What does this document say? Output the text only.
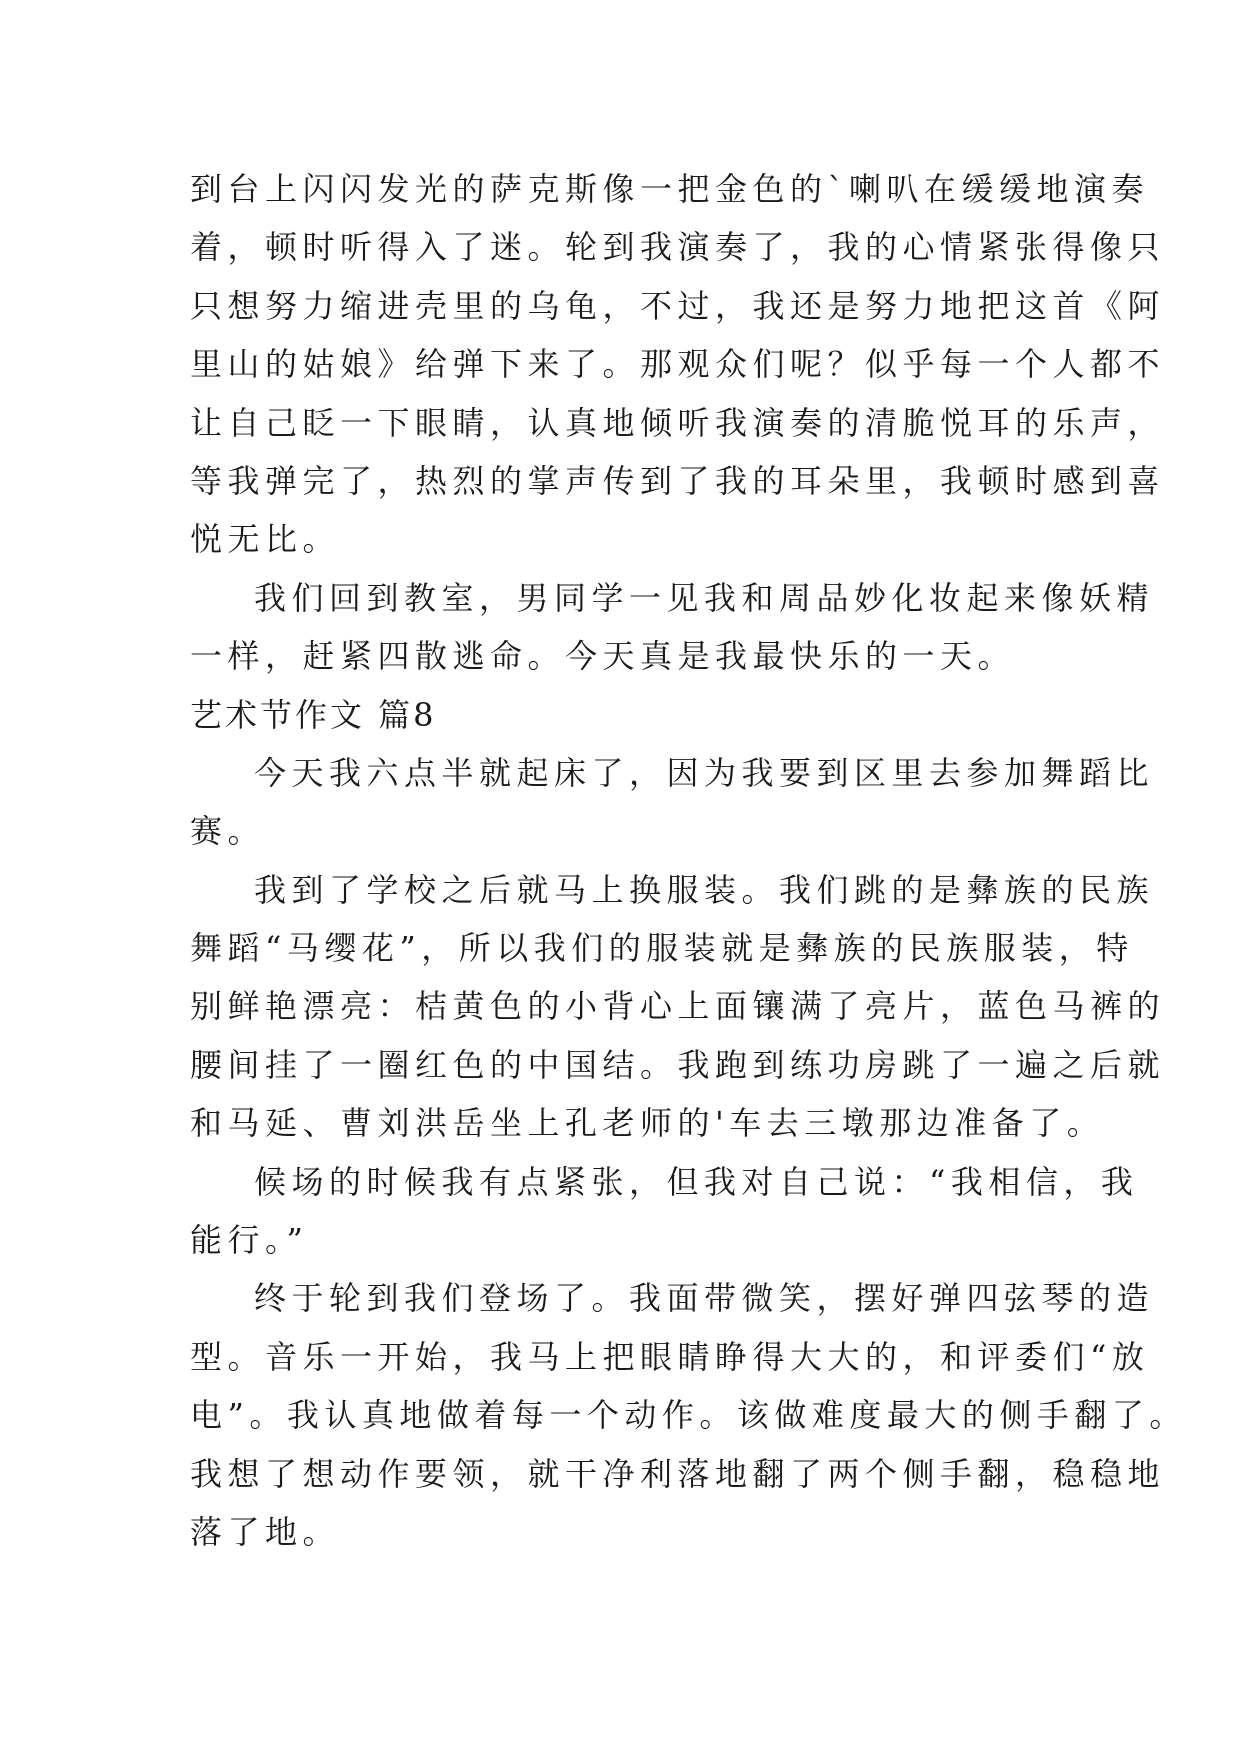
到台上闪闪发光的萨克斯像一把金色的`喇叭在缓缓地演奏
着，顿时听得入了迷。轮到我演奏了，我的心情紧张得像只
只想努力缩进壳里的乌龟，不过，我还是努力地把这首《阿
里山的姑娘》给弹下来了。那观众们呢？似乎每一个人都不
让自己眨一下眼睛，认真地倾听我演奏的清脆悦耳的乐声，
等我弹完了，热烈的掌声传到了我的耳朵里，我顿时感到喜
悦无比。
我们回到教室，男同学一见我和周品妙化妆起来像妖精
一样，赶紧四散逃命。今天真是我最快乐的一天。
艺术节作文 篇8
今天我六点半就起床了，因为我要到区里去参加舞蹈比
赛。
我到了学校之后就马上换服装。我们跳的是彝族的民族
舞蹈“马缨花”，所以我们的服装就是彝族的民族服装，特
别鲜艳漂亮：桔黄色的小背心上面镶满了亮片，蓝色马裤的
腰间挂了一圈红色的中国结。我跑到练功房跳了一遍之后就
和马延、曹刘洪岳坐上孔老师的'车去三墩那边准备了。
候场的时候我有点紧张，但我对自己说：“我相信，我
能行。”
终于轮到我们登场了。我面带微笑，摆好弹四弦琴的造
型。音乐一开始，我马上把眼睛睁得大大的，和评委们“放
电”。我认真地做着每一个动作。该做难度最大的侧手翻了。
我想了想动作要领，就干净利落地翻了两个侧手翻，稳稳地
落了地。
